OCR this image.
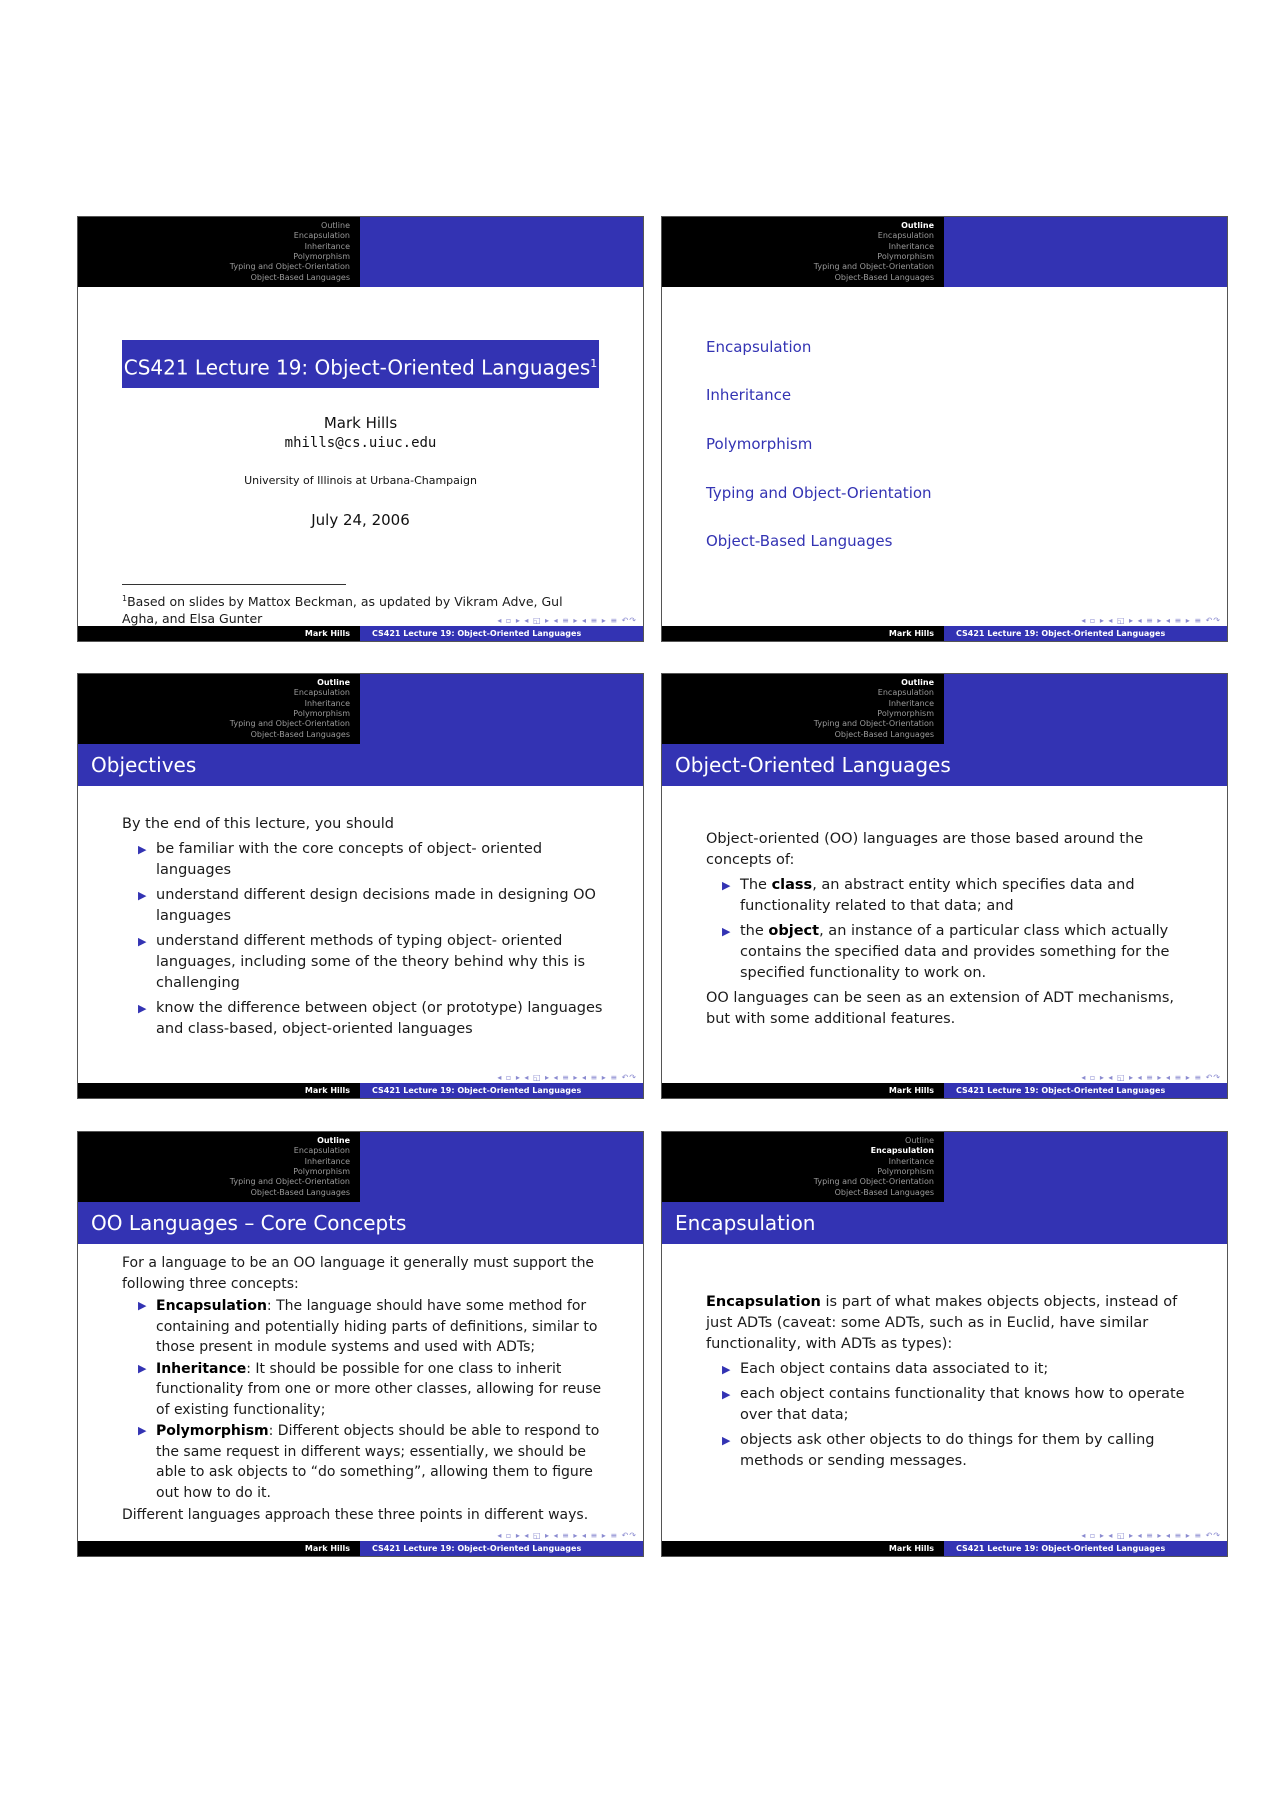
Outline
Encapsulation
Inheritance
Polymorphism
Typing and Object-Orientation
Object-Based Languages
CS421 Lecture 19: Object-Oriented Languages$^1$
Mark Hills
mhills@cs.uiuc.edu
University of Illinois at Urbana-Champaign
July 24, 2006
$^1$Based on slides by Mattox Beckman, as updated by Vikram Adve, Gul Agha, and Elsa Gunter	◂ ▫ ▸ ◂ ◱ ▸ ◂ ≡ ▸ ◂ ≡ ▸ ≡ ↶↷
Mark Hills	CS421 Lecture 19: Object-Oriented Languages
Outline
Encapsulation
Inheritance
Polymorphism
Typing and Object-Orientation
Object-Based Languages
Encapsulation
Inheritance
Polymorphism
Typing and Object-Orientation
Object-Based Languages
◂ ▫ ▸ ◂ ◱ ▸ ◂ ≡ ▸ ◂ ≡ ▸ ≡ ↶↷
Mark Hills	CS421 Lecture 19: Object-Oriented Languages
Outline
Encapsulation
Inheritance
Polymorphism
Typing and Object-Orientation
Object-Based Languages
Objectives

By the end of this lecture, you should

▶ be familiar with the core concepts of object- oriented languages
▶ understand different design decisions made in designing OO languages
▶ understand different methods of typing object- oriented languages, including some of the theory behind why this is challenging
▶ know the difference between object (or prototype) languages and class-based, object-oriented languages
◂ ▫ ▸ ◂ ◱ ▸ ◂ ≡ ▸ ◂ ≡ ▸ ≡ ↶↷
Mark Hills	CS421 Lecture 19: Object-Oriented Languages
Outline
Encapsulation
Inheritance
Polymorphism
Typing and Object-Orientation
Object-Based Languages
Object-Oriented Languages

Object-oriented (OO) languages are those based around the concepts of:

▶ The class, an abstract entity which specifies data and functionality related to that data; and
▶ the object, an instance of a particular class which actually contains the specified data and provides something for the specified functionality to work on.

OO languages can be seen as an extension of ADT mechanisms, but with some additional features.

◂ ▫ ▸ ◂ ◱ ▸ ◂ ≡ ▸ ◂ ≡ ▸ ≡ ↶↷
Mark Hills	CS421 Lecture 19: Object-Oriented Languages
Outline
Encapsulation
Inheritance
Polymorphism
Typing and Object-Orientation
Object-Based Languages
OO Languages – Core Concepts

For a language to be an OO language it generally must support the following three concepts:

▶ Encapsulation: The language should have some method for containing and potentially hiding parts of definitions, similar to those present in module systems and used with ADTs;
▶ Inheritance: It should be possible for one class to inherit functionality from one or more other classes, allowing for reuse of existing functionality;
▶ Polymorphism: Different objects should be able to respond to the same request in different ways; essentially, we should be able to ask objects to “do something”, allowing them to figure out how to do it.

Different languages approach these three points in different ways.

◂ ▫ ▸ ◂ ◱ ▸ ◂ ≡ ▸ ◂ ≡ ▸ ≡ ↶↷
Mark Hills	CS421 Lecture 19: Object-Oriented Languages
Outline
Encapsulation
Inheritance
Polymorphism
Typing and Object-Orientation
Object-Based Languages
Encapsulation

Encapsulation is part of what makes objects objects, instead of just ADTs (caveat: some ADTs, such as in Euclid, have similar functionality, with ADTs as types):

▶ Each object contains data associated to it;
▶ each object contains functionality that knows how to operate over that data;
▶ objects ask other objects to do things for them by calling methods or sending messages.
◂ ▫ ▸ ◂ ◱ ▸ ◂ ≡ ▸ ◂ ≡ ▸ ≡ ↶↷
Mark Hills	CS421 Lecture 19: Object-Oriented Languages
